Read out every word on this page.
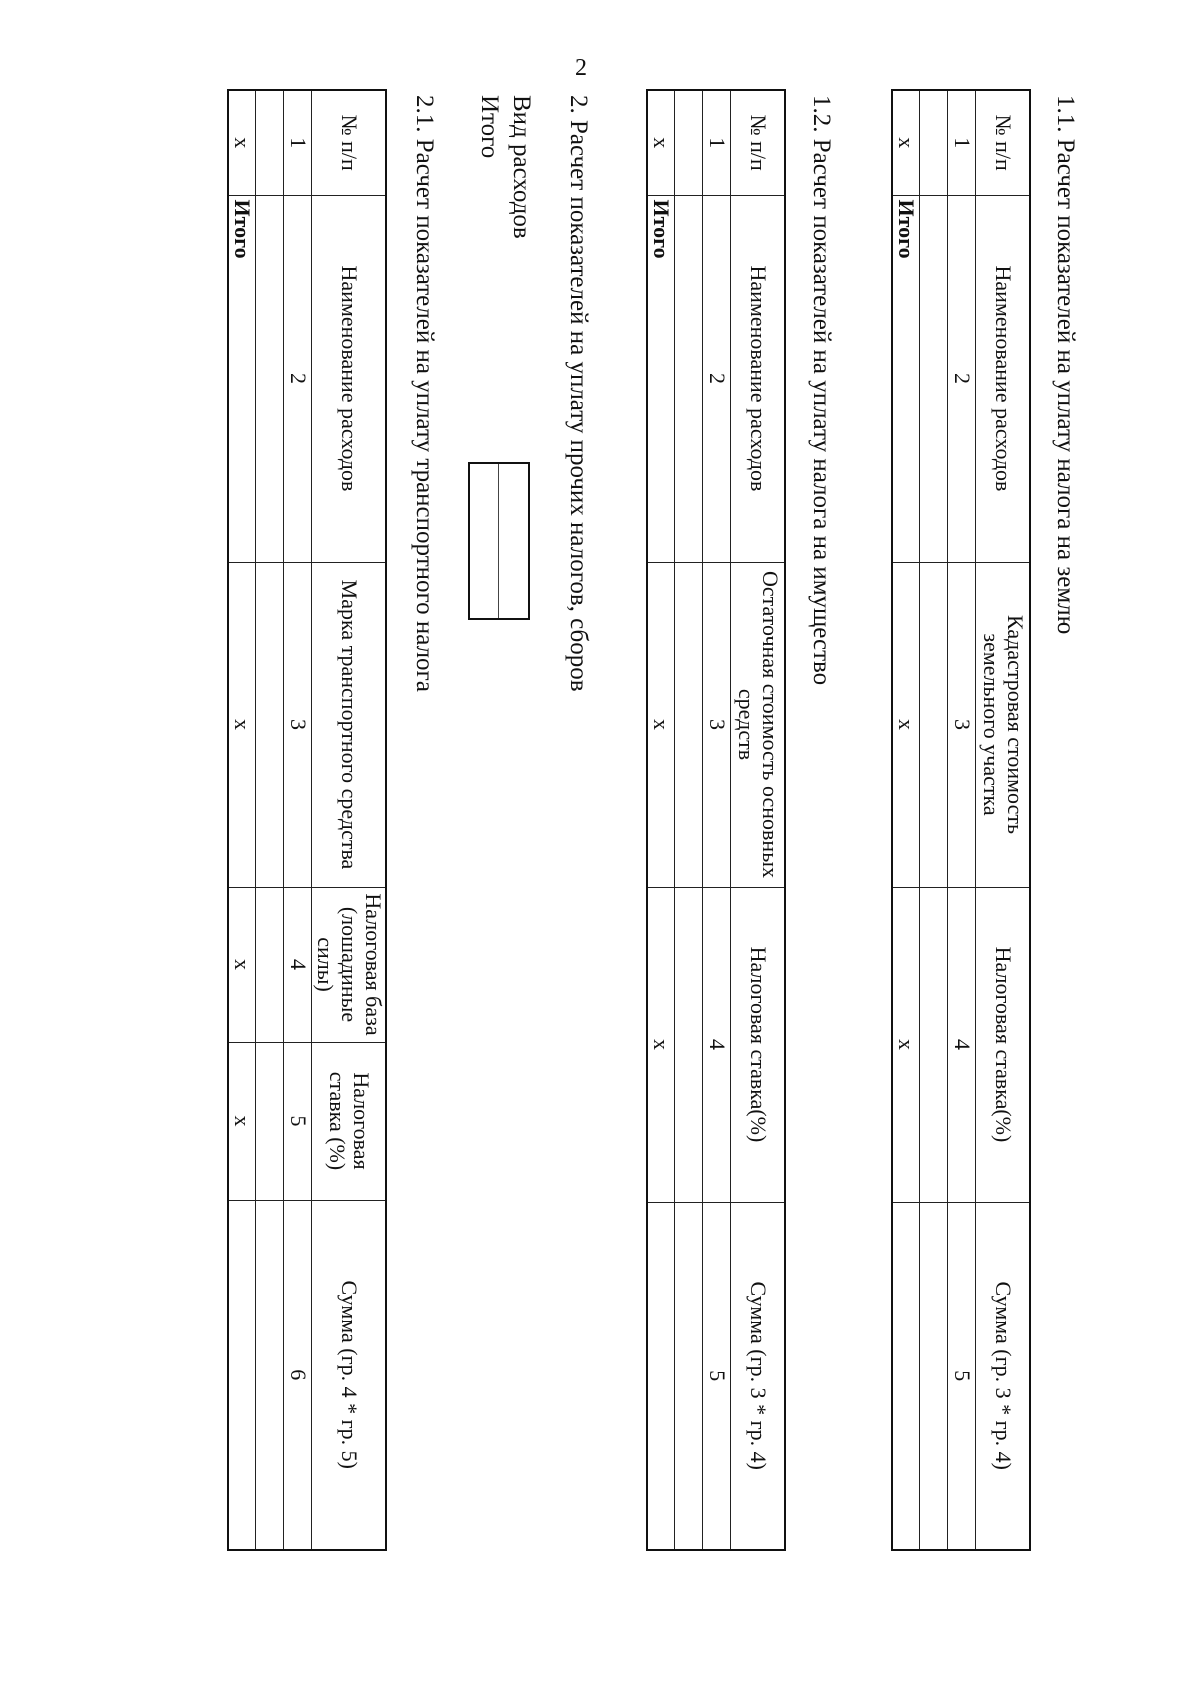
2
1.1. Расчет показателей на уплату налога на землю
№ п/п	Наименование расходов	Кадастровая стоимость земельного участка	Налоговая ставка(%)	Сумма (гр. 3 * гр. 4)
1	2	3	4	5

х	Итого	х	х	
1.2. Расчет показателей на уплату налога на имущество
№ п/п	Наименование расходов	Остаточная стоимость основных средств	Налоговая ставка(%)	Сумма (гр. 3 * гр. 4)
1	2	3	4	5

х	Итого	х	х	
2. Расчет показателей на уплату прочих налогов, сборов
Вид расходов
Итого

2.1. Расчет показателей на уплату транспортного налога
№ п/п	Наименование расходов	Марка транспортного средства	Налоговая база (лошадиные силы)	Налоговая ставка (%)	Сумма (гр. 4 * гр. 5)
1	2	3	4	5	6

х	Итого	х	х	х	
